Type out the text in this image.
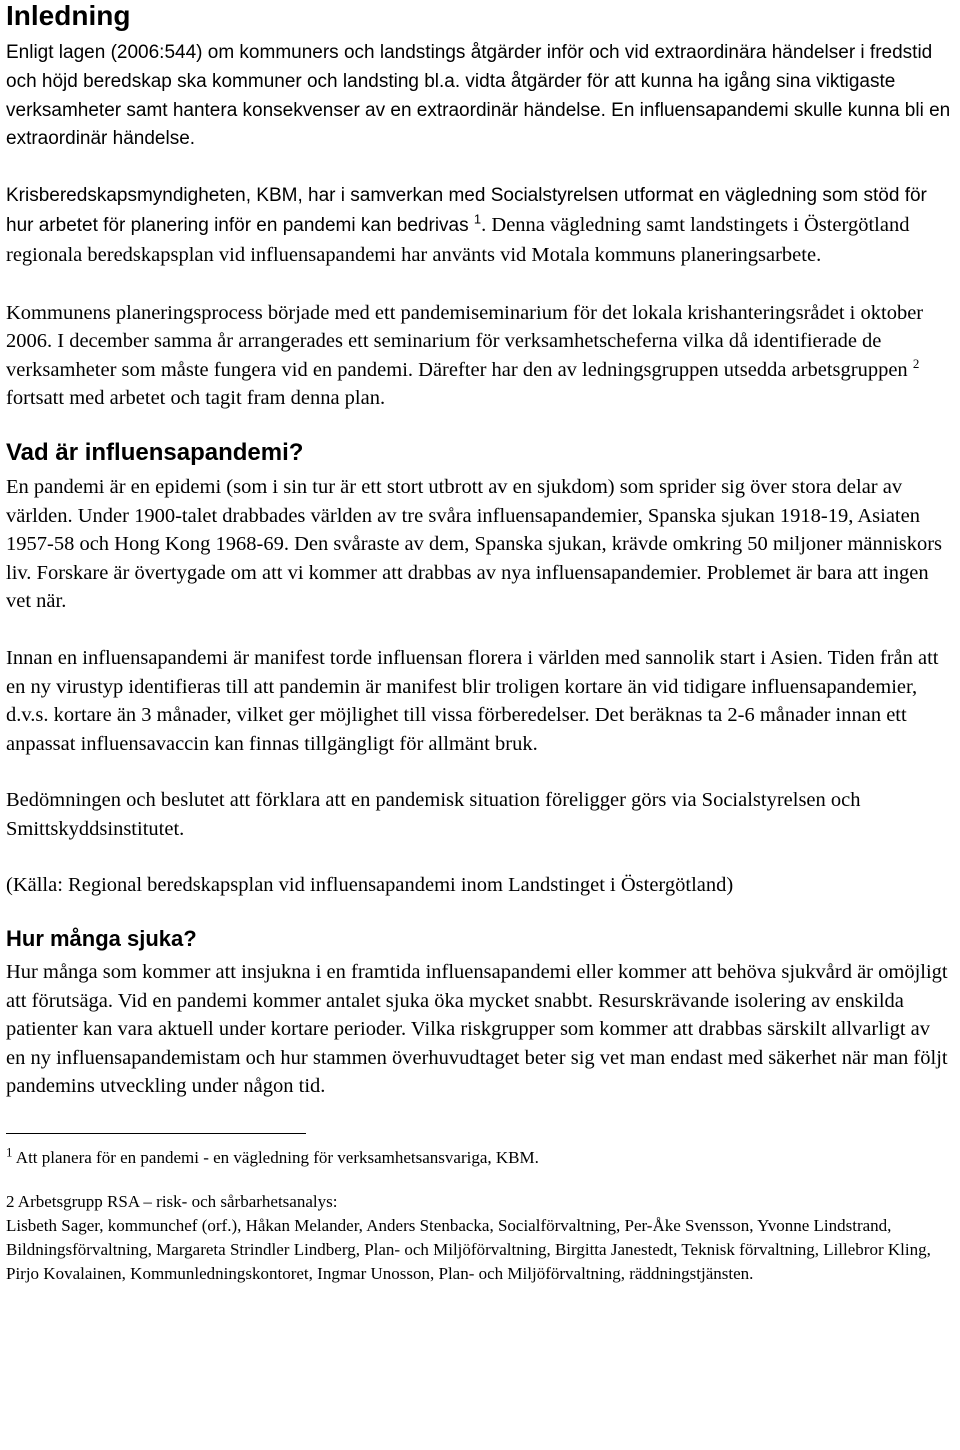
Inledning

Enligt lagen (2006:544) om kommuners och landstings åtgärder inför och vid extraordinära händelser i fredstid och höjd beredskap ska kommuner och landsting bl.a. vidta åtgärder för att kunna ha igång sina viktigaste verksamheter samt hantera konsekvenser av en extraordinär händelse. En influensapandemi skulle kunna bli en extraordinär händelse.

Krisberedskapsmyndigheten, KBM, har i samverkan med Socialstyrelsen utformat en vägledning som stöd för hur arbetet för planering inför en pandemi kan bedrivas $^1$. Denna vägledning samt landstingets i Östergötland regionala beredskapsplan vid influensapandemi har använts vid Motala kommuns planeringsarbete.

Kommunens planeringsprocess började med ett pandemiseminarium för det lokala krishanteringsrådet i oktober 2006. I december samma år arrangerades ett seminarium för verksamhetscheferna vilka då identifierade de verksamheter som måste fungera vid en pandemi. Därefter har den av ledningsgruppen utsedda arbetsgruppen $^2$ fortsatt med arbetet och tagit fram denna plan.

Vad är influensapandemi?

En pandemi är en epidemi (som i sin tur är ett stort utbrott av en sjukdom) som sprider sig över stora delar av världen. Under 1900-talet drabbades världen av tre svåra influensapandemier, Spanska sjukan 1918-19, Asiaten 1957-58 och Hong Kong 1968-69. Den svåraste av dem, Spanska sjukan, krävde omkring 50 miljoner människors liv. Forskare är övertygade om att vi kommer att drabbas av nya influensapandemier. Problemet är bara att ingen vet när.

Innan en influensapandemi är manifest torde influensan florera i världen med sannolik start i Asien. Tiden från att en ny virustyp identifieras till att pandemin är manifest blir troligen kortare än vid tidigare influensapandemier, d.v.s. kortare än 3 månader, vilket ger möjlighet till vissa förberedelser. Det beräknas ta 2-6 månader innan ett anpassat influensavaccin kan finnas tillgängligt för allmänt bruk.

Bedömningen och beslutet att förklara att en pandemisk situation föreligger görs via Socialstyrelsen och Smittskyddsinstitutet.

(Källa: Regional beredskapsplan vid influensapandemi inom Landstinget i Östergötland)

Hur många sjuka?

Hur många som kommer att insjukna i en framtida influensapandemi eller kommer att behöva sjukvård är omöjligt att förutsäga. Vid en pandemi kommer antalet sjuka öka mycket snabbt. Resurskrävande isolering av enskilda patienter kan vara aktuell under kortare perioder. Vilka riskgrupper som kommer att drabbas särskilt allvarligt av en ny influensapandemistam och hur stammen överhuvudtaget beter sig vet man endast med säkerhet när man följt pandemins utveckling under någon tid.

$^1$ Att planera för en pandemi - en vägledning för verksamhetsansvariga, KBM.

2 Arbetsgrupp RSA – risk- och sårbarhetsanalys:

Lisbeth Sager, kommunchef (orf.), Håkan Melander, Anders Stenbacka, Socialförvaltning, Per-Åke Svensson, Yvonne Lindstrand, Bildningsförvaltning, Margareta Strindler Lindberg, Plan- och Miljöförvaltning, Birgitta Janestedt, Teknisk förvaltning, Lillebror Kling, Pirjo Kovalainen, Kommunledningskontoret, Ingmar Unosson, Plan- och Miljöförvaltning, räddningstjänsten.
